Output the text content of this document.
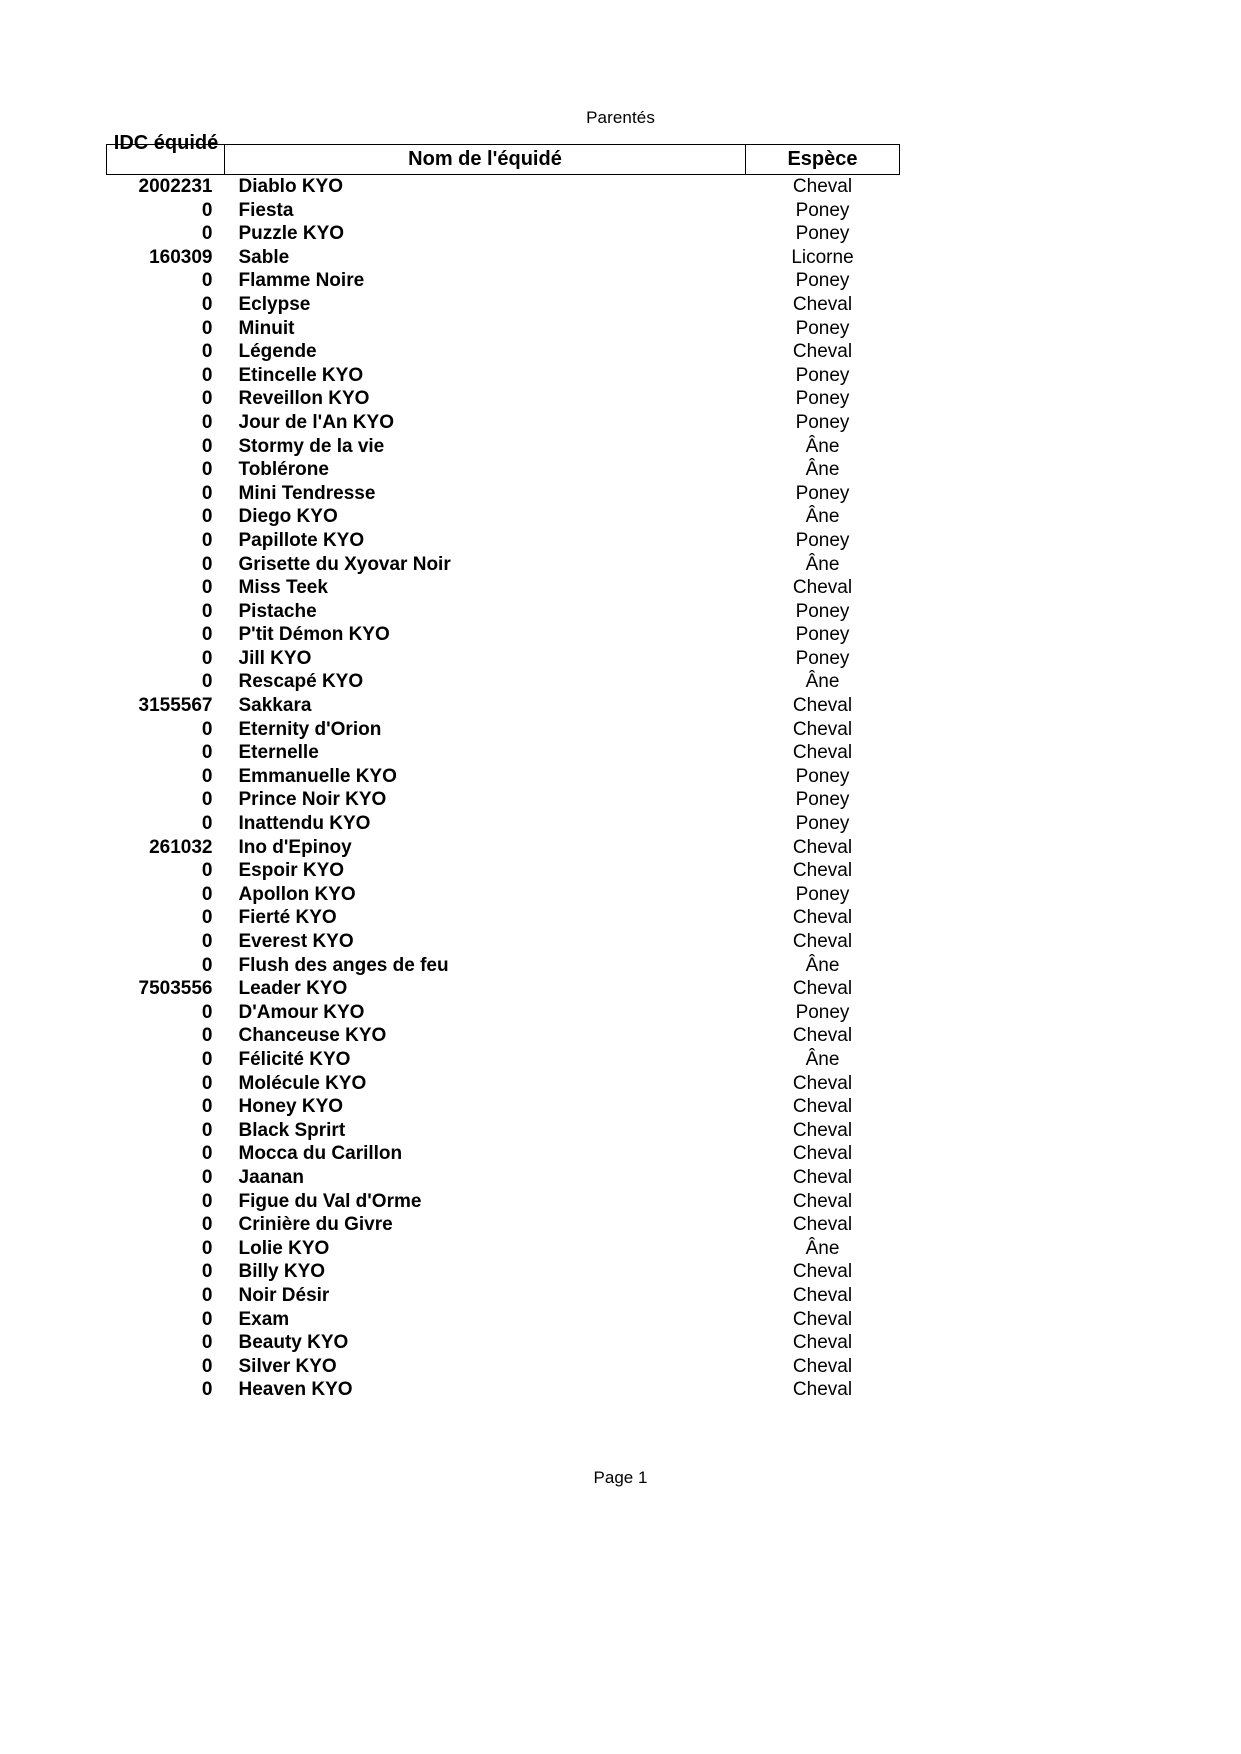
Parentés
IDC équidé	Nom de l'équidé	Espèce
2002231	Diablo KYO	Cheval
0	Fiesta	Poney
0	Puzzle KYO	Poney
160309	Sable	Licorne
0	Flamme Noire	Poney
0	Eclypse	Cheval
0	Minuit	Poney
0	Légende	Cheval
0	Etincelle KYO	Poney
0	Reveillon KYO	Poney
0	Jour de l'An KYO	Poney
0	Stormy de la vie	Âne
0	Toblérone	Âne
0	Mini Tendresse	Poney
0	Diego KYO	Âne
0	Papillote KYO	Poney
0	Grisette du Xyovar Noir	Âne
0	Miss Teek	Cheval
0	Pistache	Poney
0	P'tit Démon KYO	Poney
0	Jill KYO	Poney
0	Rescapé KYO	Âne
3155567	Sakkara	Cheval
0	Eternity d'Orion	Cheval
0	Eternelle	Cheval
0	Emmanuelle KYO	Poney
0	Prince Noir KYO	Poney
0	Inattendu KYO	Poney
261032	Ino d'Epinoy	Cheval
0	Espoir KYO	Cheval
0	Apollon KYO	Poney
0	Fierté KYO	Cheval
0	Everest KYO	Cheval
0	Flush des anges de feu	Âne
7503556	Leader KYO	Cheval
0	D'Amour KYO	Poney
0	Chanceuse KYO	Cheval
0	Félicité KYO	Âne
0	Molécule KYO	Cheval
0	Honey KYO	Cheval
0	Black Sprirt	Cheval
0	Mocca du Carillon	Cheval
0	Jaanan	Cheval
0	Figue du Val d'Orme	Cheval
0	Crinière du Givre	Cheval
0	Lolie KYO	Âne
0	Billy KYO	Cheval
0	Noir Désir	Cheval
0	Exam	Cheval
0	Beauty KYO	Cheval
0	Silver KYO	Cheval
0	Heaven KYO	Cheval
Page 1
